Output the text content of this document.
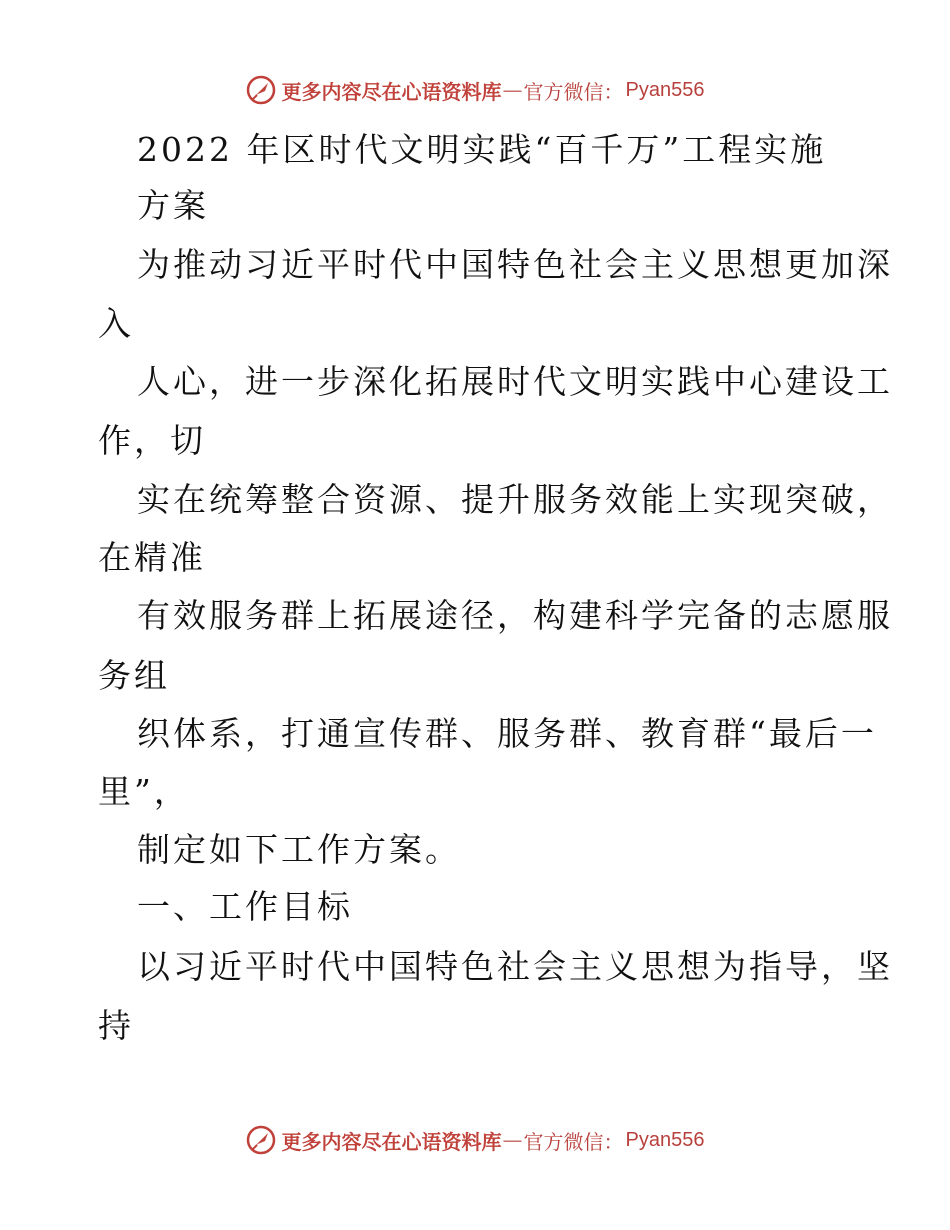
更多内容尽在心语资料库 — 官方微信： Pyan556
2022 年区时代文明实践“百千万”工程实施
方案
为推动习近平时代中国特色社会主义思想更加深
入
人心，进一步深化拓展时代文明实践中心建设工
作，切
实在统筹整合资源、提升服务效能上实现突破，
在精准
有效服务群上拓展途径，构建科学完备的志愿服
务组
织体系，打通宣传群、服务群、教育群“最后一
里”，
制定如下工作方案。
一、工作目标
以习近平时代中国特色社会主义思想为指导，坚
持
更多内容尽在心语资料库 — 官方微信： Pyan556
